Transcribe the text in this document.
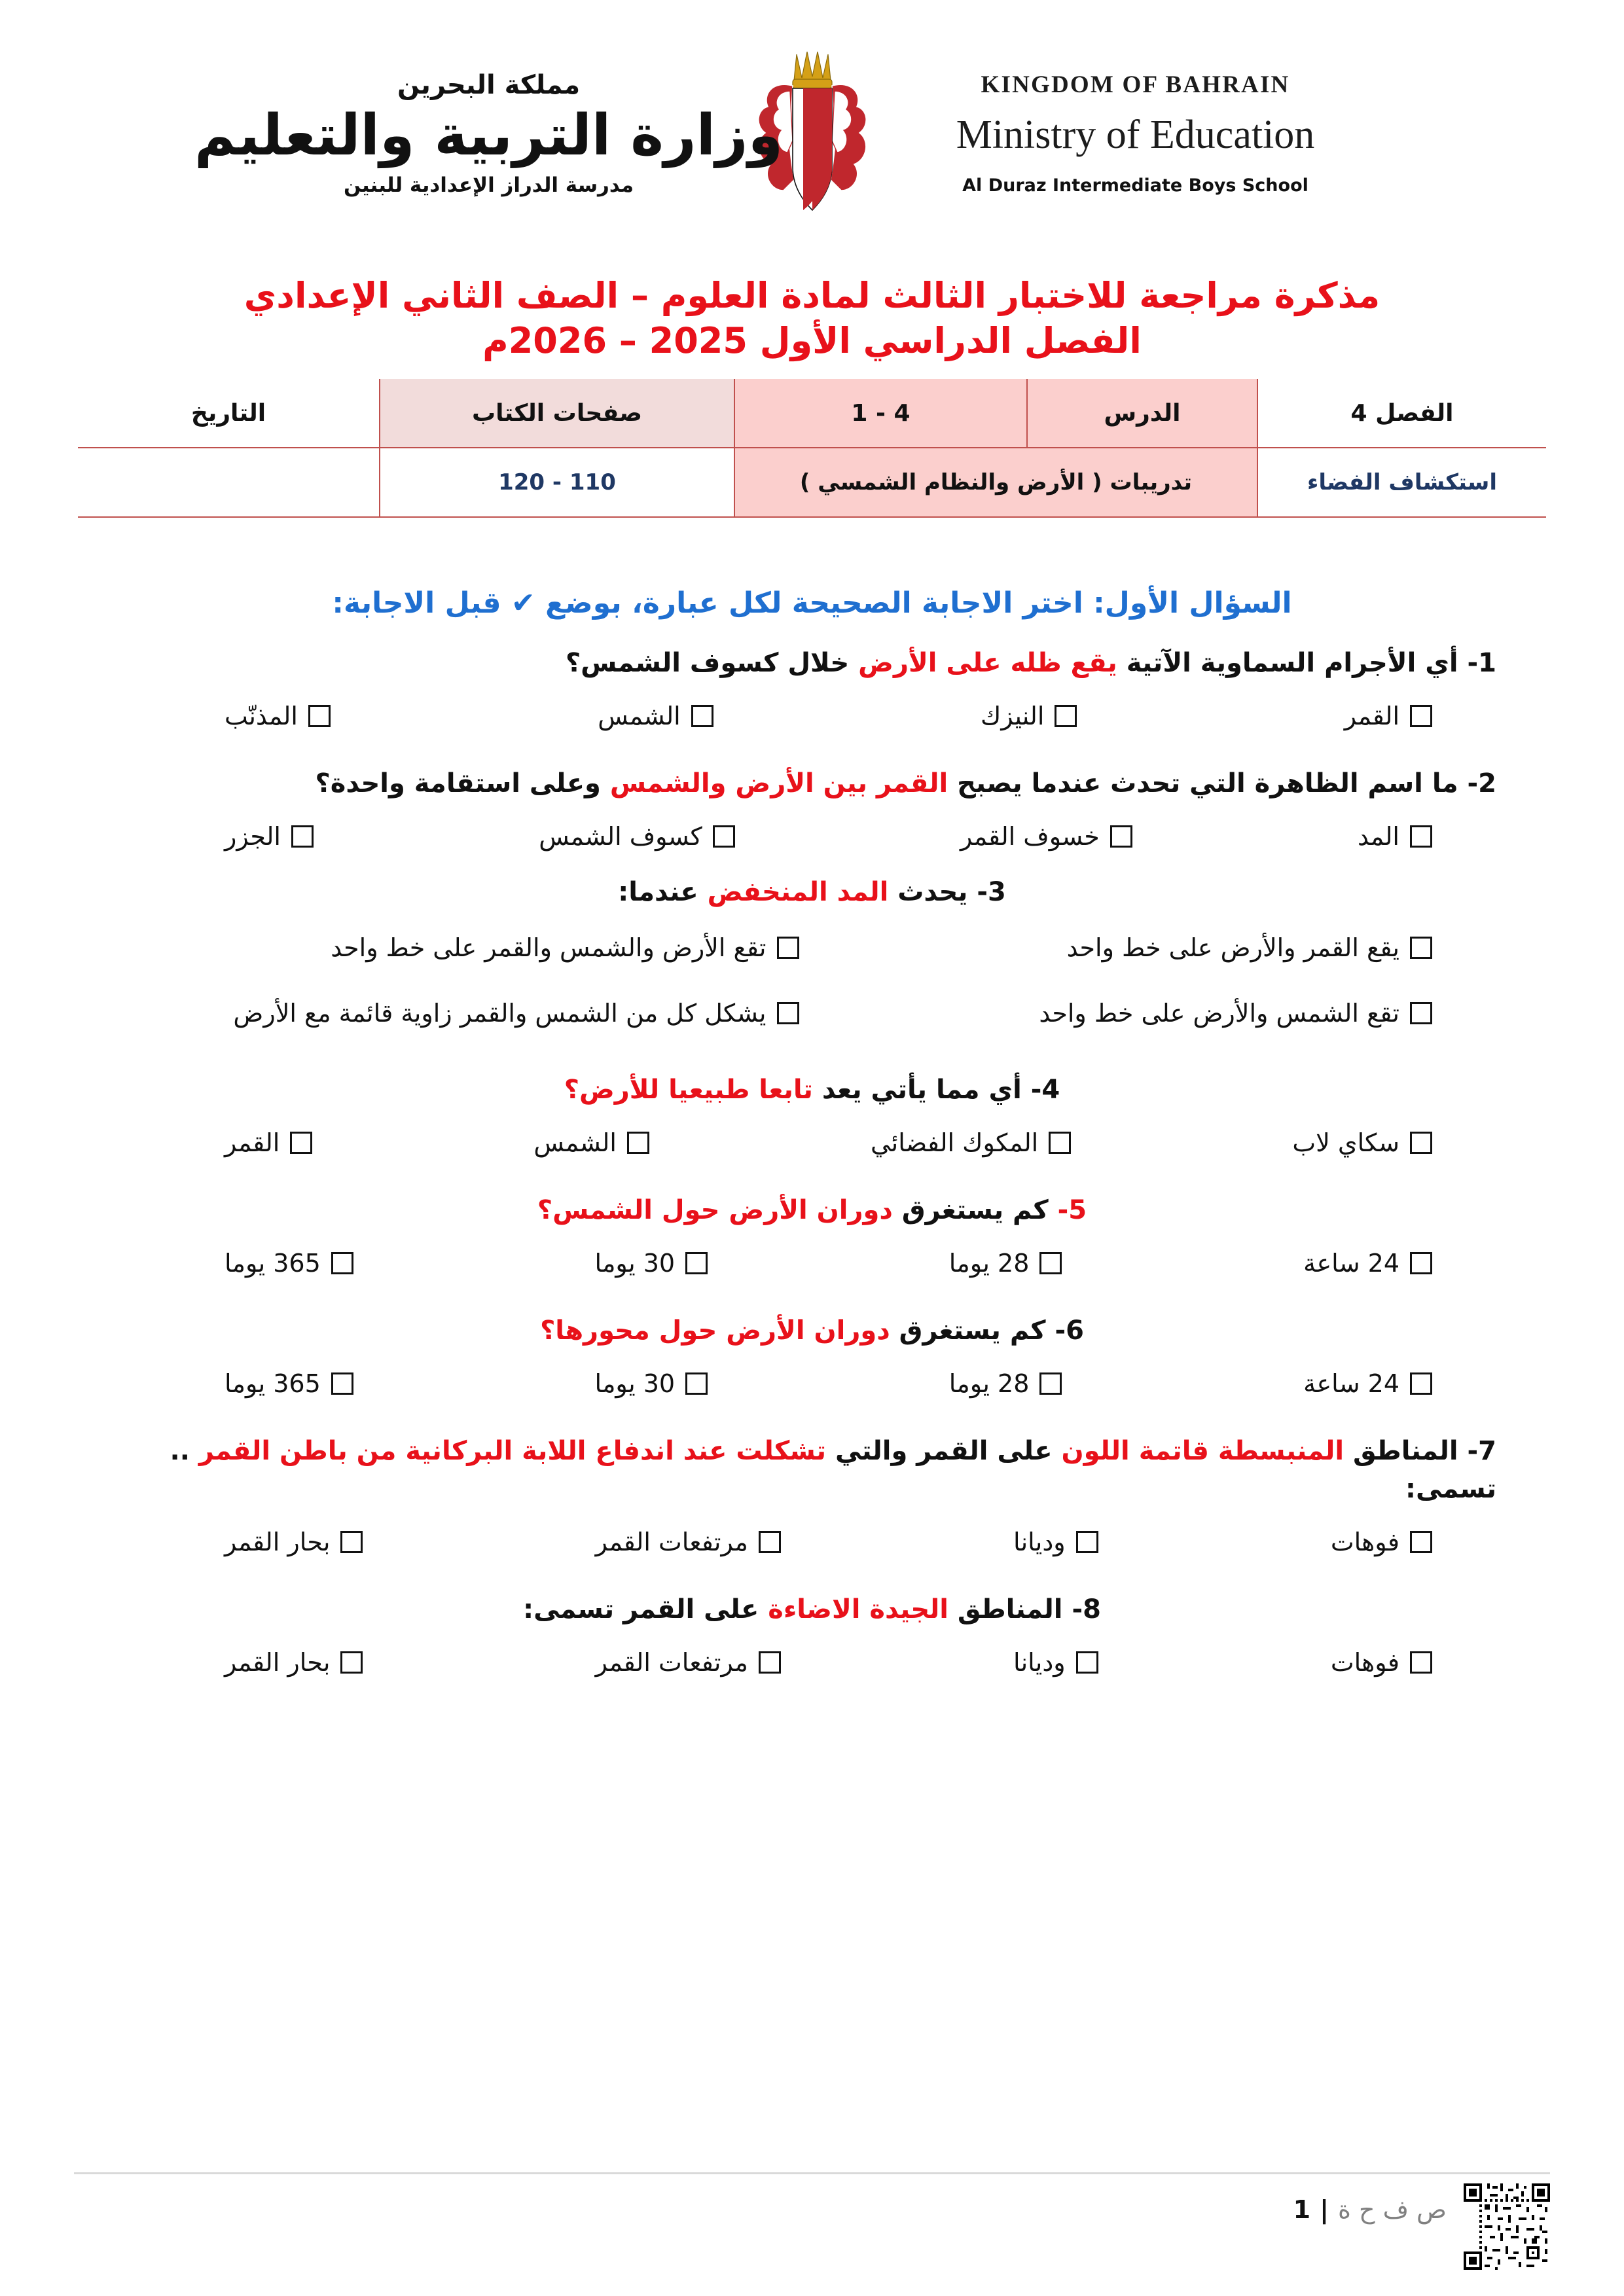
مملكة البحرين
وزارة التربية والتعليم
مدرسة الدراز الإعدادية للبنين
KINGDOM OF BAHRAIN
Ministry of Education
Al Duraz Intermediate Boys School
مذكرة مراجعة للاختبار الثالث لمادة العلوم – الصف الثاني الإعدادي
الفصل الدراسي الأول 2025 – 2026م
الفصل 4	الدرس	4 - 1	صفحات الكتاب	التاريخ
استكشاف الفضاء	تدريبات ( الأرض والنظام الشمسي )		110 - 120	
السؤال الأول: اختر الاجابة الصحيحة لكل عبارة، بوضع ✔ قبل الاجابة:
1- أي الأجرام السماوية الآتية يقع ظله على الأرض خلال كسوف الشمس؟
القمر
النيزك
الشمس
المذنّب
2- ما اسم الظاهرة التي تحدث عندما يصبح القمر بين الأرض والشمس وعلى استقامة واحدة؟
المد
خسوف القمر
كسوف الشمس
الجزر
3- يحدث المد المنخفض عندما:
يقع القمر والأرض على خط واحد
تقع الأرض والشمس والقمر على خط واحد
تقع الشمس والأرض على خط واحد
يشكل كل من الشمس والقمر زاوية قائمة مع الأرض
4- أي مما يأتي يعد تابعا طبيعيا للأرض؟
سكاي لاب
المكوك الفضائي
الشمس
القمر
5- كم يستغرق دوران الأرض حول الشمس؟
24 ساعة
28 يوما
30 يوما
365 يوما
6- كم يستغرق دوران الأرض حول محورها؟
24 ساعة
28 يوما
30 يوما
365 يوما
7- المناطق المنبسطة قاتمة اللون على القمر والتي تشكلت عند اندفاع اللابة البركانية من باطن القمر .. تسمى:
فوهات
وديانا
مرتفعات القمر
بحار القمر
8- المناطق الجيدة الاضاءة على القمر تسمى:
فوهات
وديانا
مرتفعات القمر
بحار القمر
ص ف ح ة
|
1
